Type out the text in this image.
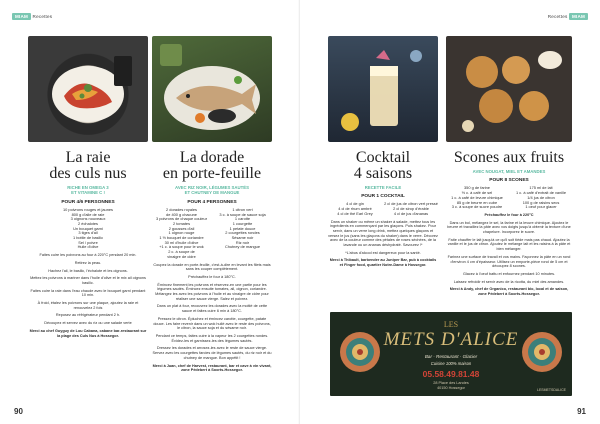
MIAM Recettes
La raie
des culs nus
RICHE EN OMEGA 3
ET VITAMINE C !
POUR 4/6 PERSONNES
10 poivrons rouges et jaunes
800 g d'aile de raie
3 oignons nouveaux
2 échalotes
Un bouquet garni
3 tiges d'ail
1 bottle de basilic
Sel / poivre
Huile d'olive
Faites cuire les poivrons au four à 220°C pendant 20 min.
Retirez la peau.
Hachez l'ail, le basilic, l'échalote et les oignons.
Mettez les poivrons à mariner dans l'huile d'olive et le mix ail oignons basilic.
Faites cuire la raie dans l'eau chaude avec le bouquet garni pendant 10 min.
À froid, étalez les poivrons sur une plaque, ajoutez la raie et renouvelez 2 fois
Reposez au réfrigérateur pendant 2 h.
Découpez et servez avec du riz ou une salade verte
Merci au chef Guyguy de Lou Cabana, cabane bar-restaurant sur la plage des Culs Nus à Hossegor.
La dorade
en porte-feuille
AVEC RIZ NOIR, LÉGUMES SAUTÉS
ET CHUTNEY DE MANGUE
POUR 4 PERSONNES
2 dorades royales
de 400 g chacune
3 poivrons de chaque couleur
2 tomates
2 gousses d'ail
1 oignon rouge
1 ½ bouquet de coriandre
30 ml d'huile d'olive
+1 c. à soupe pour le wok
2 c. à soupe de
vinaigre de cidre
1 citron vert
3 c. à soupe de sauce soja
1 carotte
1 courgette
1 petate douce
2 courgettes rondes
Sésame noir
Riz noir
Chutney de mangue
Coupez la dorade en porte-feuille, c'est-à-dire en levant les filets mais sans les couper complètement.
Préchauffez le four à 180°C.
Émincez finement les poivrons et réservez-en une partie pour les légumes sautés. Émincez ensuite tomates, ail, oignon, coriandre. Mélangez les avec les poivrons à l'huile et au vinaigre de cidre pour réaliser une sauce vierge. Salez et poivrez.
Dans un plat à four, recouvrez les dorades avec la moitié de cette sauce et faites cuire 6 min à 180°C.
Pressez le citron. Épluchez et émincez carotte, courgette, patate douce. Les faire revenir dans un wok huilé avec le reste des poivrons, le citron, la sauce soja et du sésame noir.
Pendant ce temps, faites cuire à la vapeur les 2 courgettes rondes. Évidez-les et garnissez-les des légumes sautés.
Dressez les dorades et arrosez-les avec le reste de sauce vierge. Servez avec les courgettes farcies de légumes sautés, du riz noir et du chutney de mangue. Bon appétit !
Merci à Juan, chef de Harvest, restaurant, bar et cave à vin vivant, zone Pédebert à Soorts-Hossegor.
90
Recettes MIAM
Cocktail
4 saisons
RECETTE FACILE
POUR 1 COCKTAIL
4 cl de gin
4 cl de rhum ambré
4 cl de thé Earl Grey
2 cl de jus de citron vert pressé
2 cl de sirop d'érable
4 cl de jus d'ananas
Dans un shaker ou même un shaker à salade, mettez tous les ingrédients en commençant par les glaçons. Puis shakez. Pour servir, dans un verre long drink, mettez quelques glaçons et versez le jus (sans les glaçons du shaker) dans le verre. Décorez avec de la couleur comme des pétales de roses séchées, de la lavande ou un ananas déshydraté. Savourez !*
*L'abus d'alcool est dangereux pour la santé.
Merci à Thibault, barbender au Juniper Bar, pub à cocktails et Finger food, quartier Notre-Dame à Hossegor.
Scones aux fruits
AVEC NOUGAT, MIEL ET AMANDES
POUR 8 SCONES
350 g de farine
½ c. à café de sel
1 c. à café de levure chimique
85 g de beurre en cube
3 c. à soupe de sucre poudre
175 ml de lait
1 c. à café d'extrait de vanille
1/4 jus de citron
100 g de raisins secs
1 oeuf pour glacer
Préchauffez le four à 220°C
Dans un bol, mélangez le sel, la farine et la levure chimique. Ajoutez le beurre et travaillez la pâte avec vos doigts jusqu'à obtenir la texture d'une chapelure. Incorporez le sucre.
Faite chauffer le lait jusqu'à ce qu'il soit tiède mais pas chaud. Ajoutez la vanille et le jus de citron. Ajoutez le mélange lait et les raisins à la pâte et bien mélanger.
Farinez une surface de travail et vos mains. Façonnez la pâte en un rond d'environ 4 cm d'épaisseur. Utilisez un emporte-pièce rond de 5 cm et découpez 8 scones.
Glacez à l'oeuf battu et enfournez pendant 10 minutes.
Laissez refroidir et servir avec de la ricotta, du miel des amandes.
Merci à Andy, chef de Organico, restaurant bio, local et de saison, zone Pédebert à Soorts-Hossegor.
91
LES
METS D'ALICE
Bar · Restaurant · Glacier
Cuisine 100% maison
05.58.49.81.48
28 Place des Landes
40150 Hossegor
LESMETSDALICE
